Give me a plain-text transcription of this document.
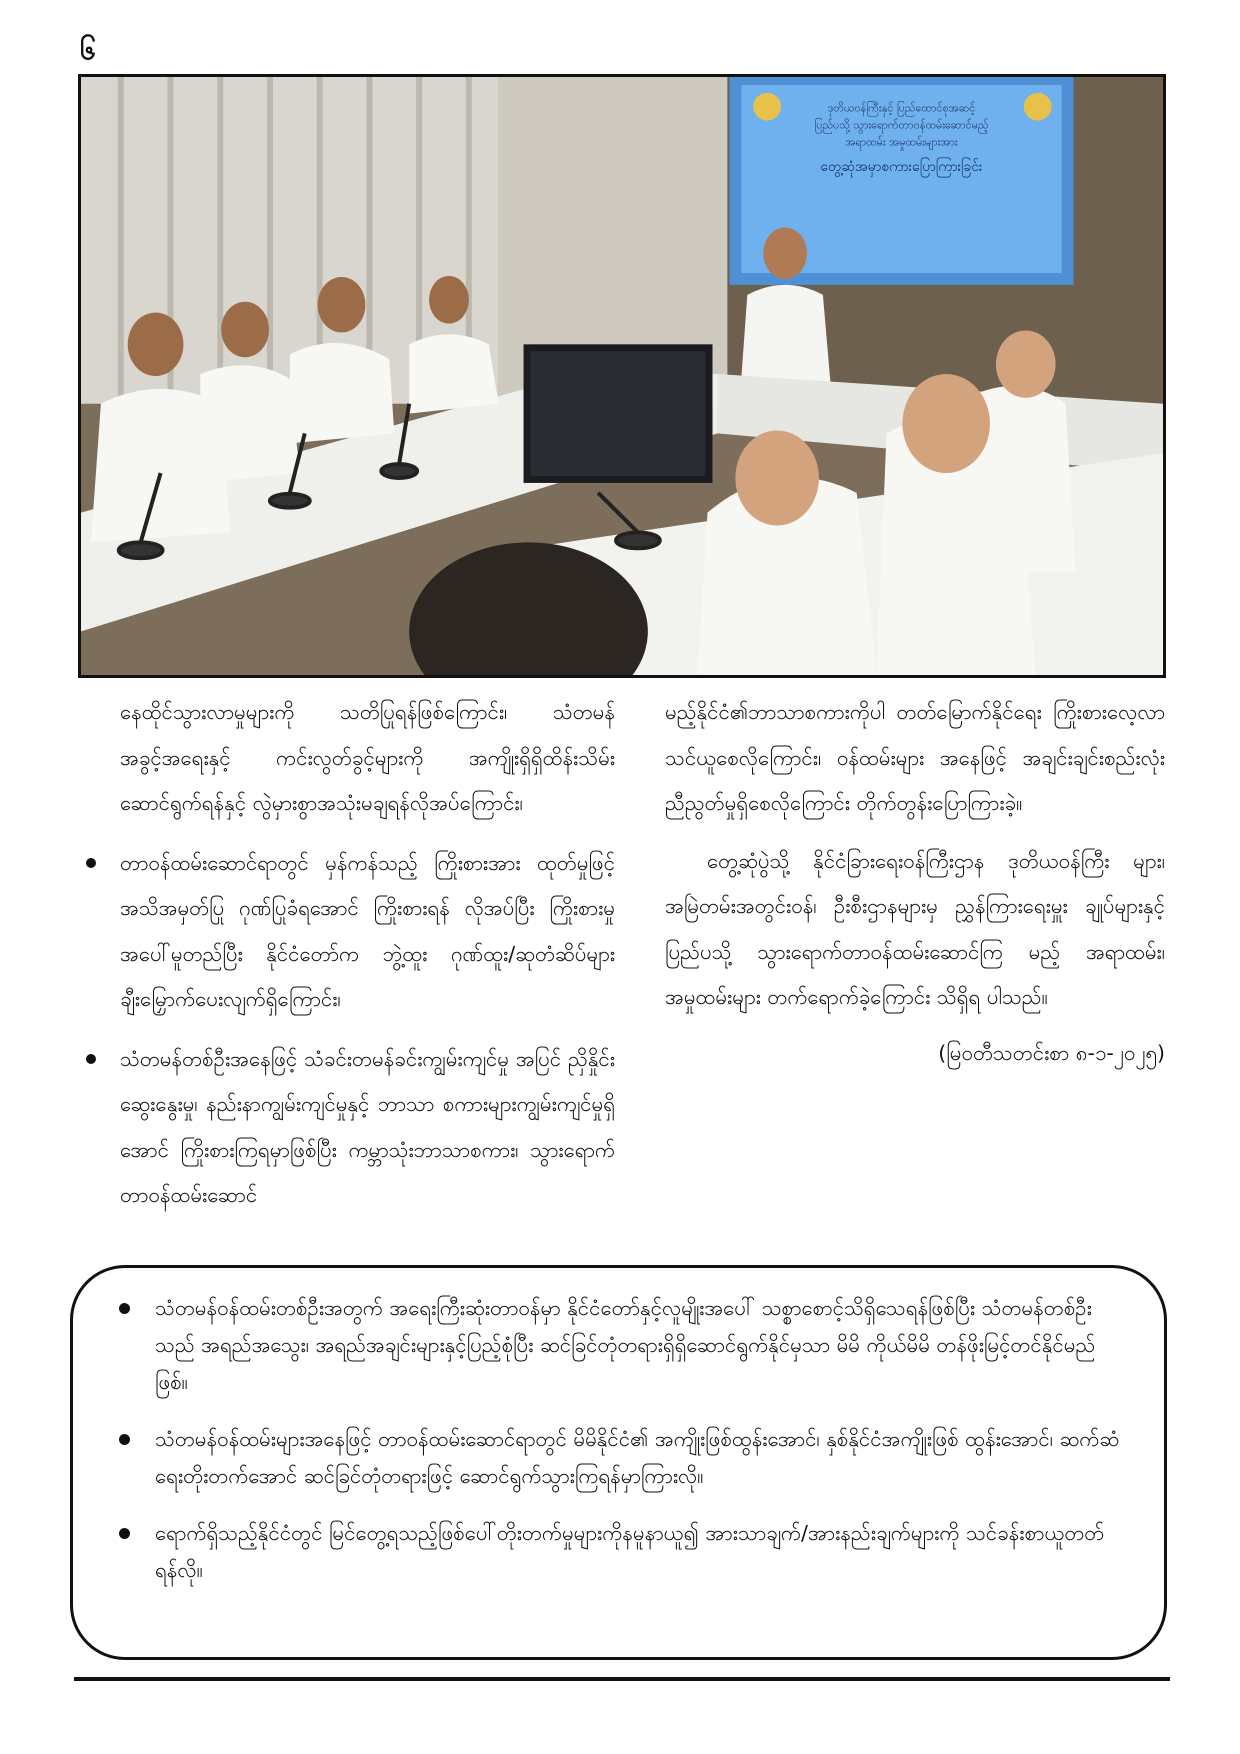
၆
ဒုတိယဝန်ကြီးနှင့် ပြည်ထောင်စုအဆင့်
ပြည်ပသို့ သွားရောက်တာဝန်ထမ်းဆောင်မည့်
အရာထမ်း အမှုထမ်းများအား
တွေ့ဆုံအမှာစကားပြောကြားခြင်း

နေထိုင်သွားလာမှုများကို သတိပြုရန်ဖြစ်ကြောင်း၊ သံတမန် အခွင့်အရေးနှင့် ကင်းလွတ်ခွင့်များကို အကျိုးရှိရှိထိန်းသိမ်း ဆောင်ရွက်ရန်နှင့် လွဲမှားစွာအသုံးမချရန်လိုအပ်ကြောင်း၊

တာဝန်ထမ်းဆောင်ရာတွင် မှန်ကန်သည့် ကြိုးစားအား ထုတ်မှုဖြင့် အသိအမှတ်ပြု ဂုဏ်ပြုခံရအောင် ကြိုးစားရန် လိုအပ်ပြီး ကြိုးစားမှုအပေါ်မူတည်ပြီး နိုင်ငံတော်က ဘွဲ့ထူး ဂုဏ်ထူး/ဆုတံဆိပ်များ ချီးမြှောက်ပေးလျက်ရှိကြောင်း၊
သံတမန်တစ်ဦးအနေဖြင့် သံခင်းတမန်ခင်းကျွမ်းကျင်မှု အပြင် ညှိနှိုင်းဆွေးနွေးမှု၊ နည်းနာကျွမ်းကျင်မှုနှင့် ဘာသာ စကားများကျွမ်းကျင်မှုရှိအောင် ကြိုးစားကြရမှာဖြစ်ပြီး ကမ္ဘာသုံးဘာသာစကား၊ သွားရောက်တာဝန်ထမ်းဆောင်

မည့်နိုင်ငံ၏ဘာသာစကားကိုပါ တတ်မြောက်နိုင်ရေး ကြိုးစားလေ့လာသင်ယူစေလိုကြောင်း၊ ဝန်ထမ်းများ အနေဖြင့် အချင်းချင်းစည်းလုံးညီညွတ်မှုရှိစေလိုကြောင်း တိုက်တွန်းပြောကြားခဲ့။

တွေ့ဆုံပွဲသို့ နိုင်ငံခြားရေးဝန်ကြီးဌာန ဒုတိယဝန်ကြီး များ၊ အမြဲတမ်းအတွင်းဝန်၊ ဦးစီးဌာနများမှ ညွှန်ကြားရေးမှူး ချုပ်များနှင့် ပြည်ပသို့ သွားရောက်တာဝန်ထမ်းဆောင်ကြ မည့် အရာထမ်း၊ အမှုထမ်းများ တက်ရောက်ခဲ့ကြောင်း သိရှိရ ပါသည်။

(မြဝတီသတင်းစာ ၈-၁-၂၀၂၅)

သံတမန်ဝန်ထမ်းတစ်ဦးအတွက် အရေးကြီးဆုံးတာဝန်မှာ နိုင်ငံတော်နှင့်လူမျိုးအပေါ် သစ္စာစောင့်သိရှိသေရန်ဖြစ်ပြီး သံတမန်တစ်ဦးသည် အရည်အသွေး၊ အရည်အချင်းများနှင့်ပြည့်စုံပြီး ဆင်ခြင်တုံတရားရှိရှိဆောင်ရွက်နိုင်မှသာ မိမိ ကိုယ်မိမိ တန်ဖိုးမြင့်တင်နိုင်မည်ဖြစ်။
သံတမန်ဝန်ထမ်းများအနေဖြင့် တာဝန်ထမ်းဆောင်ရာတွင် မိမိနိုင်ငံ၏ အကျိုးဖြစ်ထွန်းအောင်၊ နှစ်နိုင်ငံအကျိုးဖြစ် ထွန်းအောင်၊ ဆက်ဆံရေးတိုးတက်အောင် ဆင်ခြင်တုံတရားဖြင့် ဆောင်ရွက်သွားကြရန်မှာကြားလို။
ရောက်ရှိသည့်နိုင်ငံတွင် မြင်တွေ့ရသည့်ဖြစ်ပေါ်တိုးတက်မှုများကိုနမူနာယူ၍ အားသာချက်/အားနည်းချက်များကို သင်ခန်းစာယူတတ်ရန်လို။
